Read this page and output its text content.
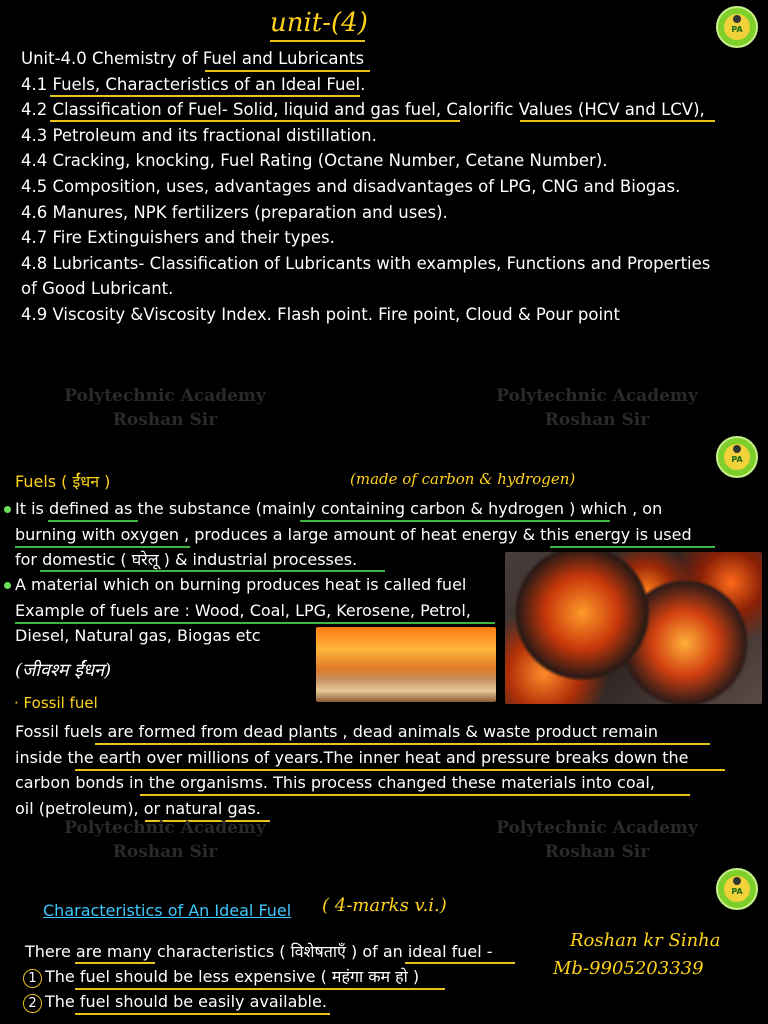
unit-(4)	PA
Unit-4.0 Chemistry of Fuel and Lubricants
4.1 Fuels, Characteristics of an Ideal Fuel.
4.2 Classification of Fuel- Solid, liquid and gas fuel, Calorific Values (HCV and LCV),
4.3 Petroleum and its fractional distillation.
4.4 Cracking, knocking, Fuel Rating (Octane Number, Cetane Number).
4.5 Composition, uses, advantages and disadvantages of LPG, CNG and Biogas.
4.6 Manures, NPK fertilizers (preparation and uses).
4.7 Fire Extinguishers and their types.
4.8 Lubricants- Classification of Lubricants with examples, Functions and Properties
of Good Lubricant.
4.9 Viscosity &Viscosity Index. Flash point. Fire point, Cloud & Pour point
Polytechnic Academy
Roshan Sir
Polytechnic Academy
Roshan Sir
PA
Fuels ( ईंधन )	(made of carbon & hydrogen)
It is defined as the substance (mainly containing carbon & hydrogen ) which , on
burning with oxygen , produces a large amount of heat energy & this energy is used
for domestic ( घरेलू ) & industrial processes.
A material which on burning produces heat is called fuel
Example of fuels are : Wood, Coal, LPG, Kerosene, Petrol,
Diesel, Natural gas, Biogas etc
(जीवश्म ईंधन)
· Fossil fuel
Fossil fuels are formed from dead plants , dead animals & waste product remain
inside the earth over millions of years.The inner heat and pressure breaks down the
carbon bonds in the organisms. This process changed these materials into coal,
oil (petroleum), or natural gas.
Polytechnic Academy
Roshan Sir
Polytechnic Academy
Roshan Sir
PA
Characteristics of An Ideal Fuel ( 4-marks v.i.)
There are many characteristics ( विशेषताएँ ) of an ideal fuel -
1 The fuel should be less expensive ( महंगा कम हो )
2 The fuel should be easily available.
Roshan kr Sinha
Mb-9905203339
